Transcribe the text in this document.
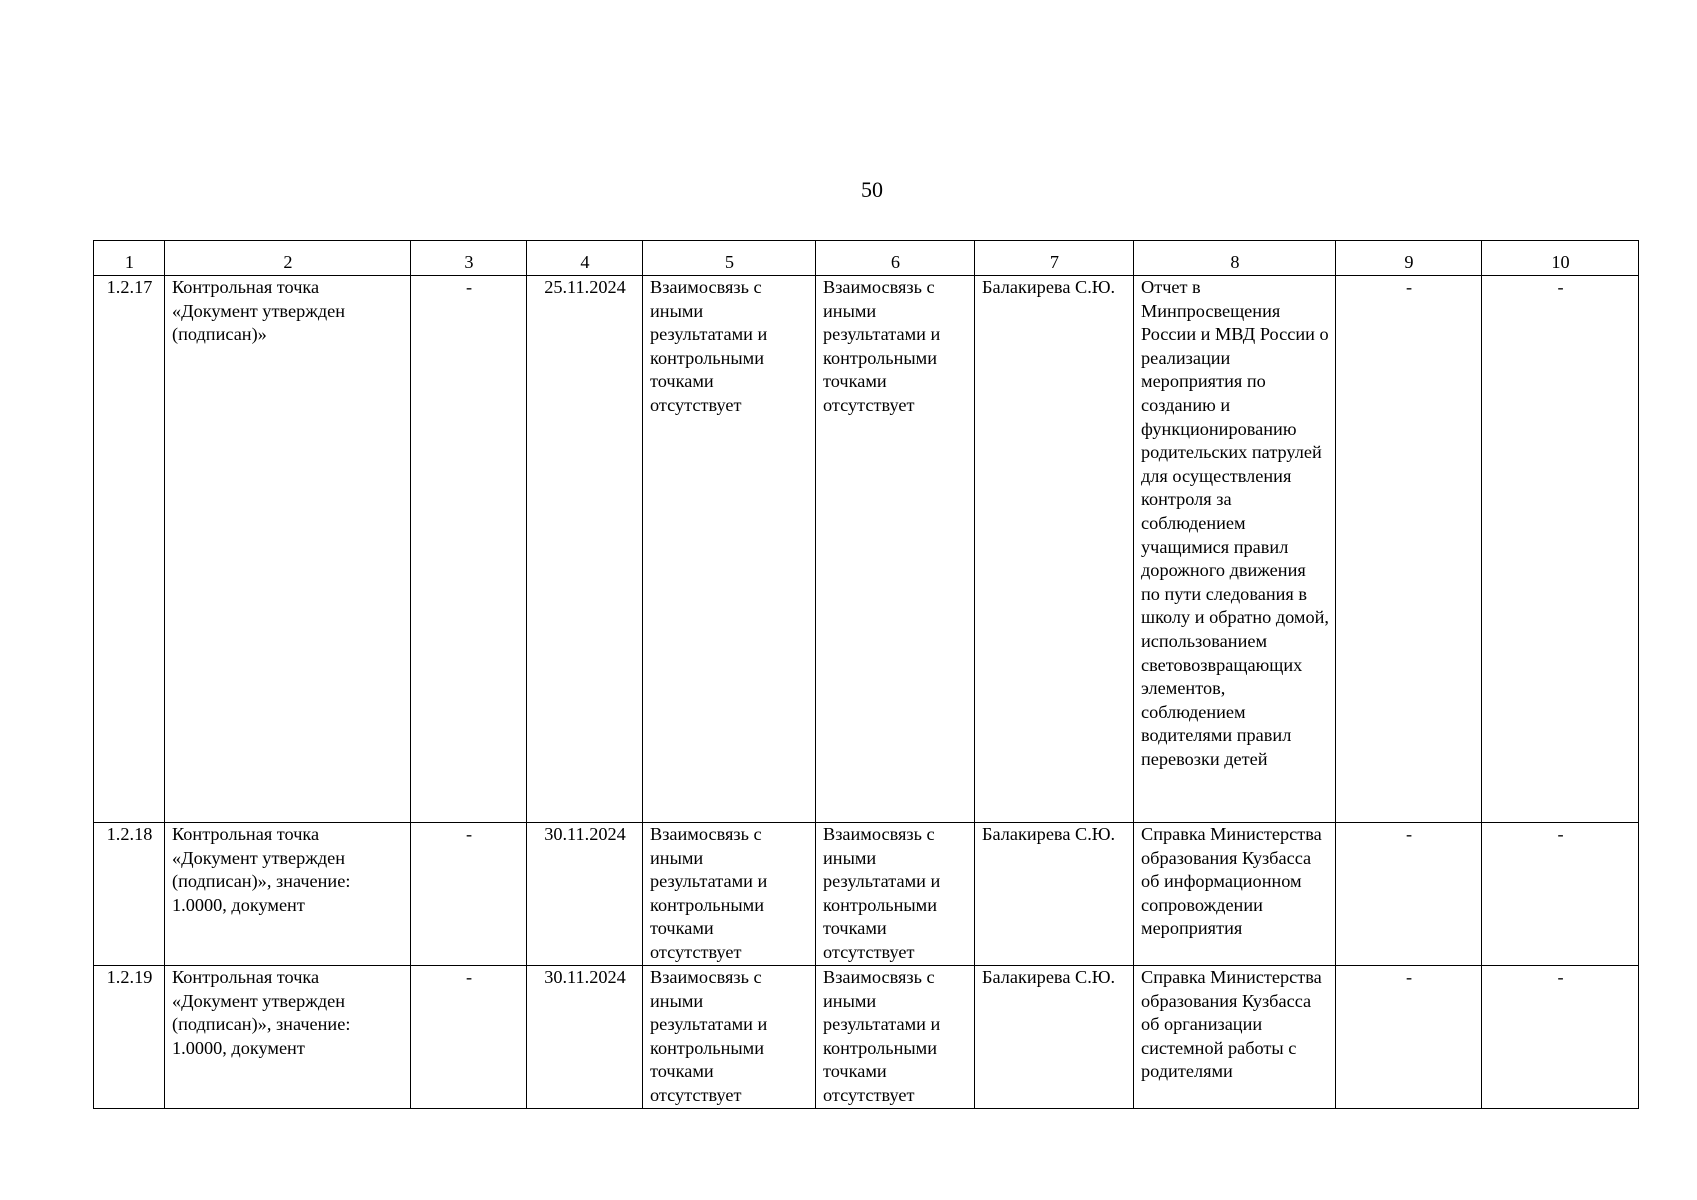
50
1	2	3	4	5	6	7	8	9	10
1.2.17	Контрольная точка «Документ утвержден (подписан)»	-	25.11.2024	Взаимосвязь с иными результатами и контрольными точками отсутствует	Взаимосвязь с иными результатами и контрольными точками отсутствует	Балакирева С.Ю.	Отчет в Минпросвещения России и МВД России о реализации мероприятия по созданию и функционированию родительских патрулей для осуществления контроля за соблюдением учащимися правил дорожного движения по пути следования в школу и обратно домой, использованием световозвращающих элементов, соблюдением водителями правил перевозки детей	-	-
1.2.18	Контрольная точка «Документ утвержден (подписан)», значение: 1.0000, документ	-	30.11.2024	Взаимосвязь с иными результатами и контрольными точками отсутствует	Взаимосвязь с иными результатами и контрольными точками отсутствует	Балакирева С.Ю.	Справка Министерства образования Кузбасса об информационном сопровождении мероприятия	-	-
1.2.19	Контрольная точка «Документ утвержден (подписан)», значение: 1.0000, документ	-	30.11.2024	Взаимосвязь с иными результатами и контрольными точками отсутствует	Взаимосвязь с иными результатами и контрольными точками отсутствует	Балакирева С.Ю.	Справка Министерства образования Кузбасса об организации системной работы с родителями	-	-
